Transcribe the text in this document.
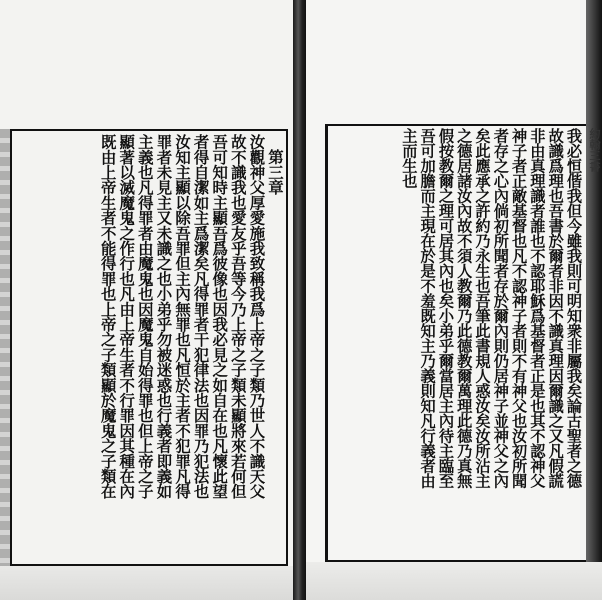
第三章
汝觀神父厚愛施我致稱我爲上帝之子類乃世人不識天父
故不識我也愛友乎吾等今乃上帝之子類未顯將來若何但
吾可知時主顯吾爲彼像也因我必見之如自在也凡懷此望
者得自潔如主爲潔矣凡得罪者干犯律法也因罪乃犯法也
汝知主顯以除吾罪但主內無罪也凡恒於主者不犯罪凡得
罪者未見主又未識之也小弟乎勿被迷惑也行義者即義如
主義也凡得罪者由魔鬼也因魔鬼自始得罪也但上帝之子
顯著以滅魔鬼之作行也凡由上帝生者不行罪因其種在內
既由上帝生者不能得罪也上帝之子類顯於魔鬼之子類在	我必恒偕我但今雖我則可明知衆非屬我矣論古聖者之德
故識爲理也吾書於爾者非因不識真理因爾識之又凡假謊
非由真理識者誰也不認耶穌爲基督者正是也其不認神父
神子者正敵基督也凡不認神子者則不有神父也汝初所聞
者存之心內倘初所聞者存於爾內則仍居神子並神父之內
矣此應承之許約乃永生也吾筆此書規人惑汝矣汝所沾主
之德居諸汝內故不須人教爾乃此德教爾萬理此德乃真無
假按教爾之理可居其內也矣小弟乎爾當居主內待主臨至
吾可加膽而主現在於是不羞既知主乃義則知凡行義者由
主而生也	約翰三書
